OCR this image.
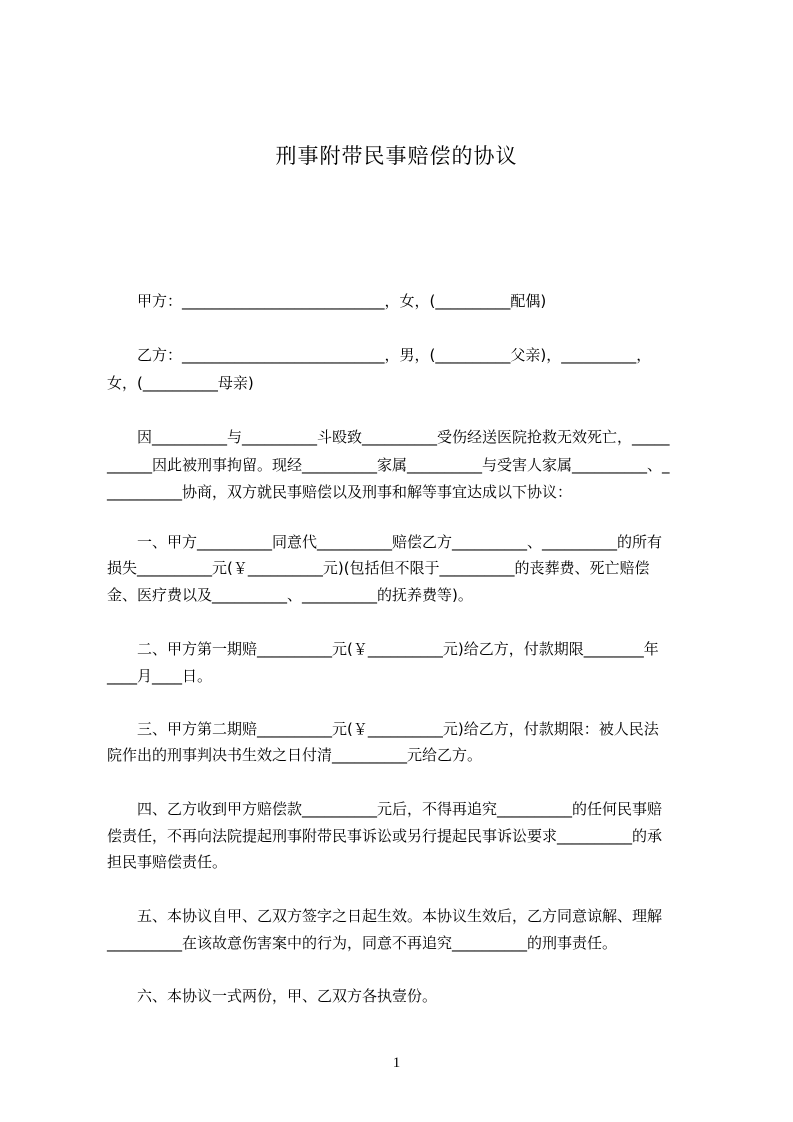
刑事附带民事赔偿的协议
甲方：___________________________，女，(__________配偶)
乙方：___________________________，男，(__________父亲)，__________，
女，(__________母亲)
因__________与__________斗殴致__________受伤经送医院抢救无效死亡，_____
______因此被刑事拘留。现经__________家属__________与受害人家属__________、_
__________协商，双方就民事赔偿以及刑事和解等事宜达成以下协议：
一、甲方__________同意代__________赔偿乙方__________、__________的所有
损失__________元(￥__________元)(包括但不限于__________的丧葬费、死亡赔偿
金、医疗费以及__________、__________的抚养费等)。
二、甲方第一期赔__________元(￥__________元)给乙方，付款期限________年
____月____日。
三、甲方第二期赔__________元(￥__________元)给乙方，付款期限：被人民法
院作出的刑事判决书生效之日付清__________元给乙方。
四、乙方收到甲方赔偿款__________元后，不得再追究__________的任何民事赔
偿责任，不再向法院提起刑事附带民事诉讼或另行提起民事诉讼要求__________的承
担民事赔偿责任。
五、本协议自甲、乙双方签字之日起生效。本协议生效后，乙方同意谅解、理解
__________在该故意伤害案中的行为，同意不再追究__________的刑事责任。
六、本协议一式两份，甲、乙双方各执壹份。
1
